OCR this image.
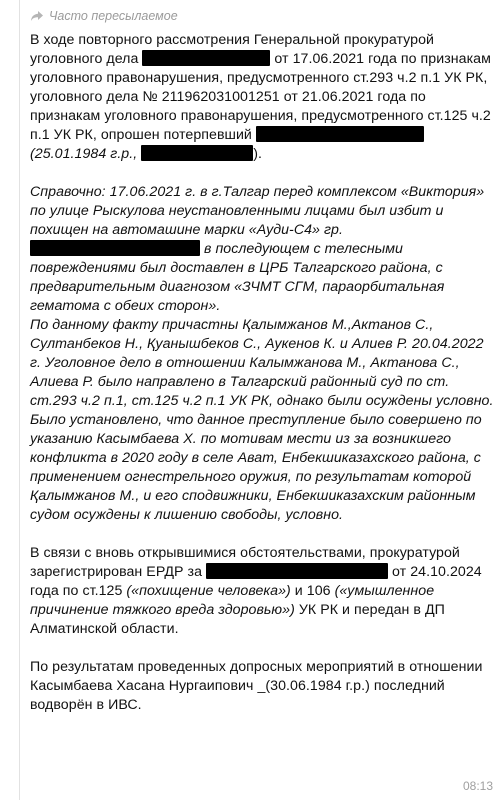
Часто пересылаемое

В ходе повторного рассмотрения Генеральной прокуратурой уголовного дела	от 17.06.2021 года по признакам уголовного правонарушения, предусмотренного ст.293 ч.2 п.1 УК РК, уголовного дела № 211962031001251 от 21.06.2021 года по признакам уголовного правонарушения, предусмотренного ст.125 ч.2 п.1 УК РК, опрошен потерпевший  (25.01.1984 г.р.,	).

Справочно: 17.06.2021 г. в г.Талгар перед комплексом «Виктория» по улице Рыскулова неустановленными лицами был избит и похищен на автомашине марки «Ауди-С4» гр.  в последующем с телесными повреждениями был доставлен в ЦРБ Талгарского района, с предварительным диагнозом «ЗЧМТ СГМ, параорбитальная гематома с обеих сторон».

По данному факту причастны Қалымжанов М.,Актанов С., Султанбеков Н., Қуанышбеков С., Аукенов К. и Алиев Р. 20.04.2022 г. Уголовное дело в отношении Калымжанова М., Актанова С., Алиева Р. было направлено в Талгарский районный суд по ст. ст.293 ч.2 п.1, ст.125 ч.2 п.1 УК РК, однако были осуждены условно.

Было установлено, что данное преступление было совершено по указанию Касымбаева Х. по мотивам мести из за возникшего конфликта в 2020 году в селе Ават, Енбекшиказахского района, с применением огнестрельного оружия, по результатам которой Қалымжанов М., и его сподвижники, Енбекшиказахским районным судом осуждены к лишению свободы, условно.

В связи с вновь открывшимися обстоятельствами, прокуратурой зарегистрирован ЕРДР за	от 24.10.2024 года по ст.125 («похищение человека») и 106 («умышленное причинение тяжкого вреда здоровью») УК РК и передан в ДП Алматинской области.

По результатам проведенных допросных мероприятий в отношении Касымбаева Хасана Нургаипович _(30.06.1984 г.р.) последний водворён в ИВС.

08:13
